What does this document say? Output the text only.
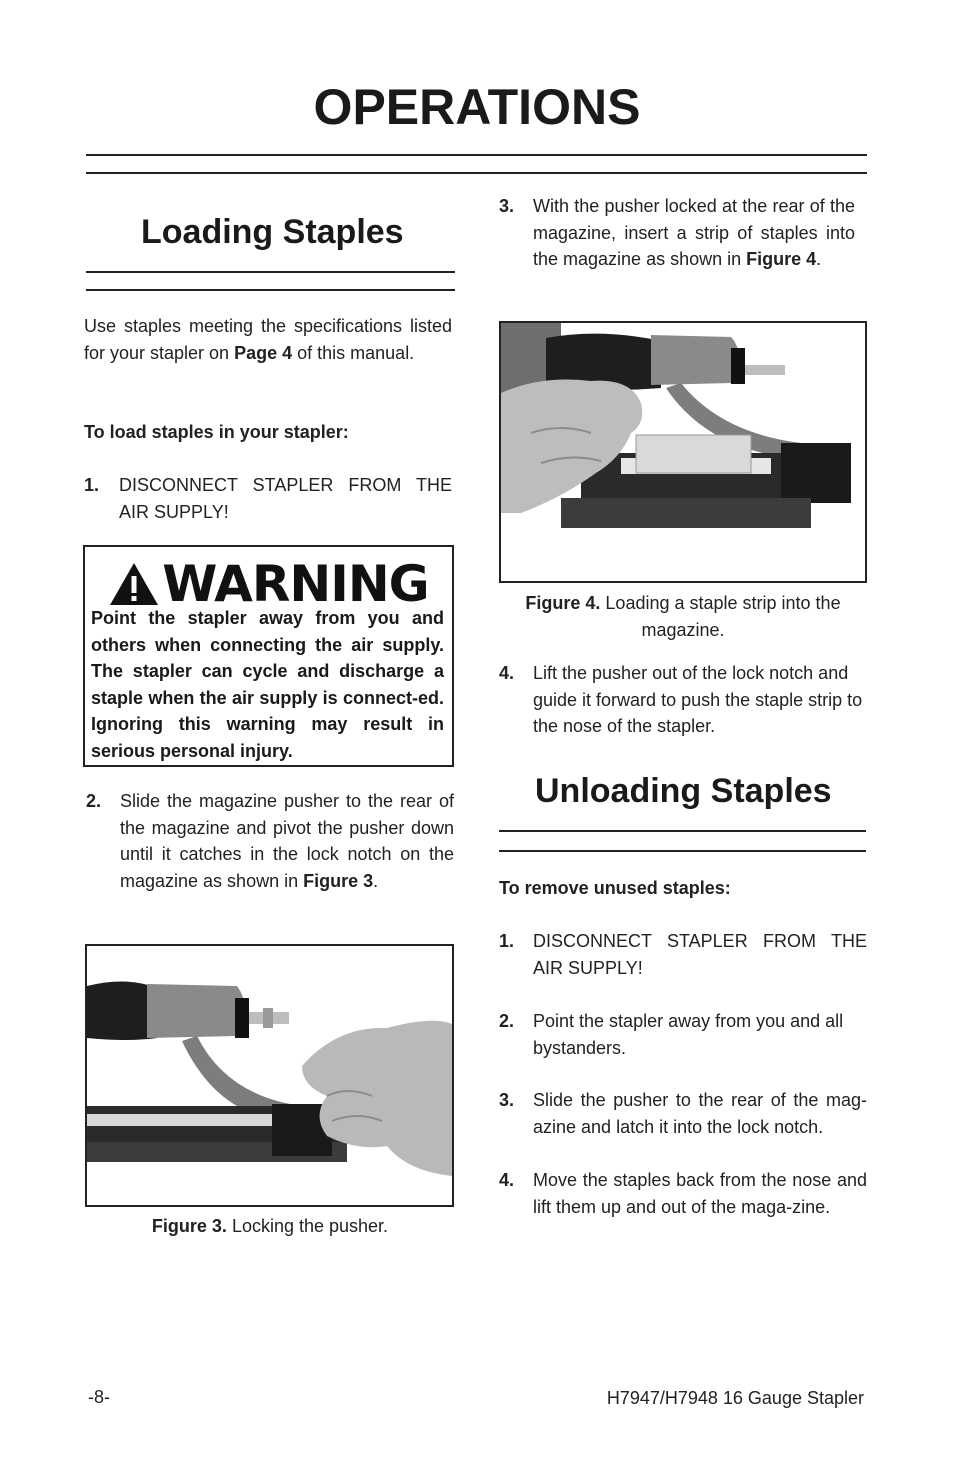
OPERATIONS
Loading Staples
Use staples meeting the specifications listed for your stapler on Page 4 of this manual.
To load staples in your stapler:
1. DISCONNECT STAPLER FROM THE AIR SUPPLY!
WARNING
Point the stapler away from you and others when connecting the air supply. The stapler can cycle and discharge a staple when the air supply is connect-ed. Ignoring this warning may result in serious personal injury.
2. Slide the magazine pusher to the rear of the magazine and pivot the pusher down until it catches in the lock notch on the magazine as shown in Figure 3.
Figure 3. Locking the pusher.
3. With the pusher locked at the rear of the magazine, insert a strip of staples into the magazine as shown in Figure 4.
Figure 4. Loading a staple strip into the magazine.
4. Lift the pusher out of the lock notch and guide it forward to push the staple strip to the nose of the stapler.
Unloading Staples
To remove unused staples:
1. DISCONNECT STAPLER FROM THE AIR SUPPLY!
2. Point the stapler away from you and all bystanders.
3. Slide the pusher to the rear of the mag-azine and latch it into the lock notch.
4. Move the staples back from the nose and lift them up and out of the maga-zine.
-8-	H7947/H7948 16 Gauge Stapler
